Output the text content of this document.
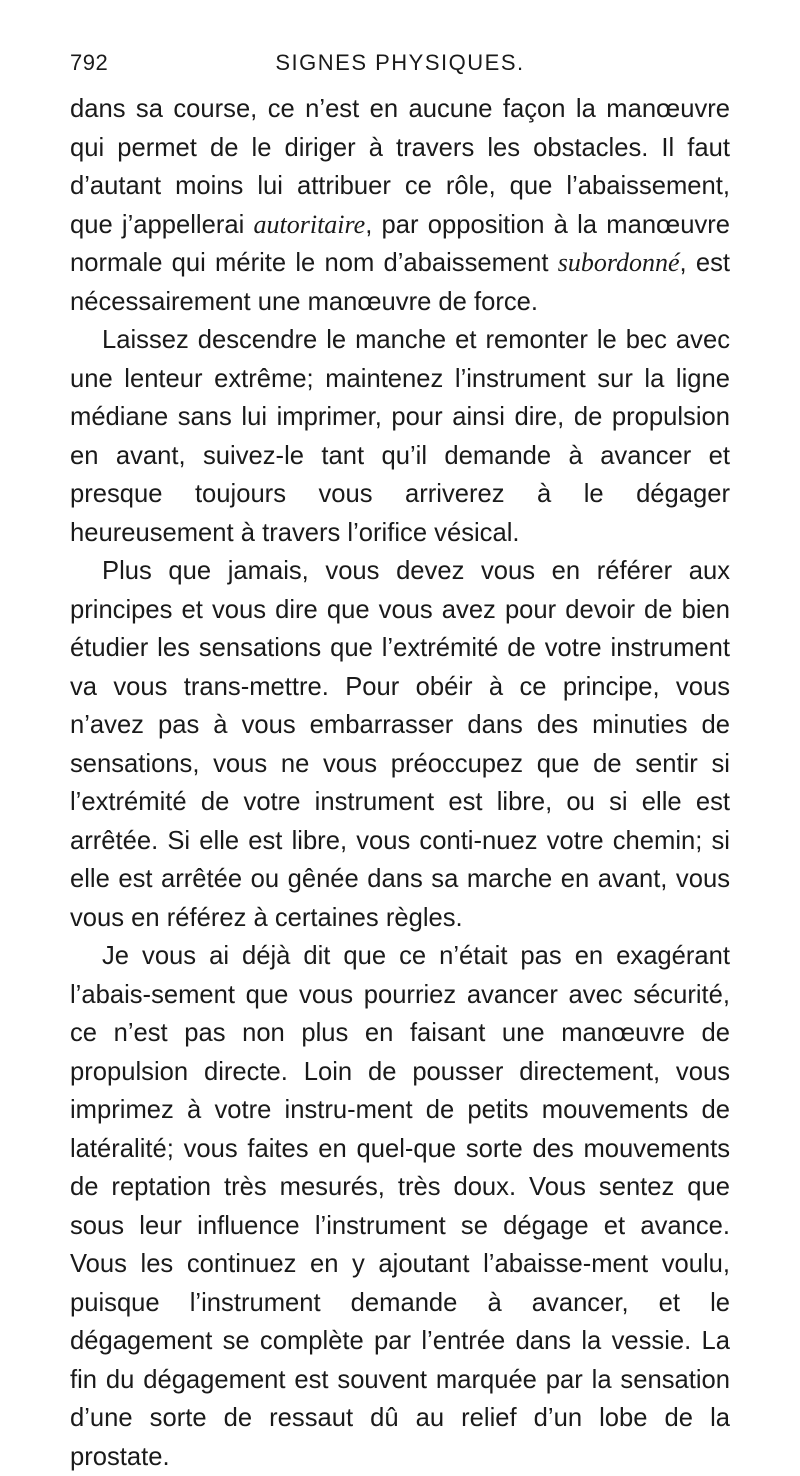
792	SIGNES PHYSIQUES.

dans sa course, ce n’est en aucune façon la manœuvre qui permet de le diriger à travers les obstacles. Il faut d’autant moins lui attribuer ce rôle, que l’abaissement, que j’appellerai autoritaire, par opposition à la manœuvre normale qui mérite le nom d’abaissement subordonné, est nécessairement une manœuvre de force.

Laissez descendre le manche et remonter le bec avec une lenteur extrême; maintenez l’instrument sur la ligne médiane sans lui imprimer, pour ainsi dire, de propulsion en avant, suivez-le tant qu’il demande à avancer et presque toujours vous arriverez à le dégager heureusement à travers l’orifice vésical.

Plus que jamais, vous devez vous en référer aux principes et vous dire que vous avez pour devoir de bien étudier les sensations que l’extrémité de votre instrument va vous trans-mettre. Pour obéir à ce principe, vous n’avez pas à vous embarrasser dans des minuties de sensations, vous ne vous préoccupez que de sentir si l’extrémité de votre instrument est libre, ou si elle est arrêtée. Si elle est libre, vous conti-nuez votre chemin; si elle est arrêtée ou gênée dans sa marche en avant, vous vous en référez à certaines règles.

Je vous ai déjà dit que ce n’était pas en exagérant l’abais-sement que vous pourriez avancer avec sécurité, ce n’est pas non plus en faisant une manœuvre de propulsion directe. Loin de pousser directement, vous imprimez à votre instru-ment de petits mouvements de latéralité; vous faites en quel-que sorte des mouvements de reptation très mesurés, très doux. Vous sentez que sous leur influence l’instrument se dégage et avance. Vous les continuez en y ajoutant l’abaisse-ment voulu, puisque l’instrument demande à avancer, et le dégagement se complète par l’entrée dans la vessie. La fin du dégagement est souvent marquée par la sensation d’une sorte de ressaut dû au relief d’un lobe de la prostate.
